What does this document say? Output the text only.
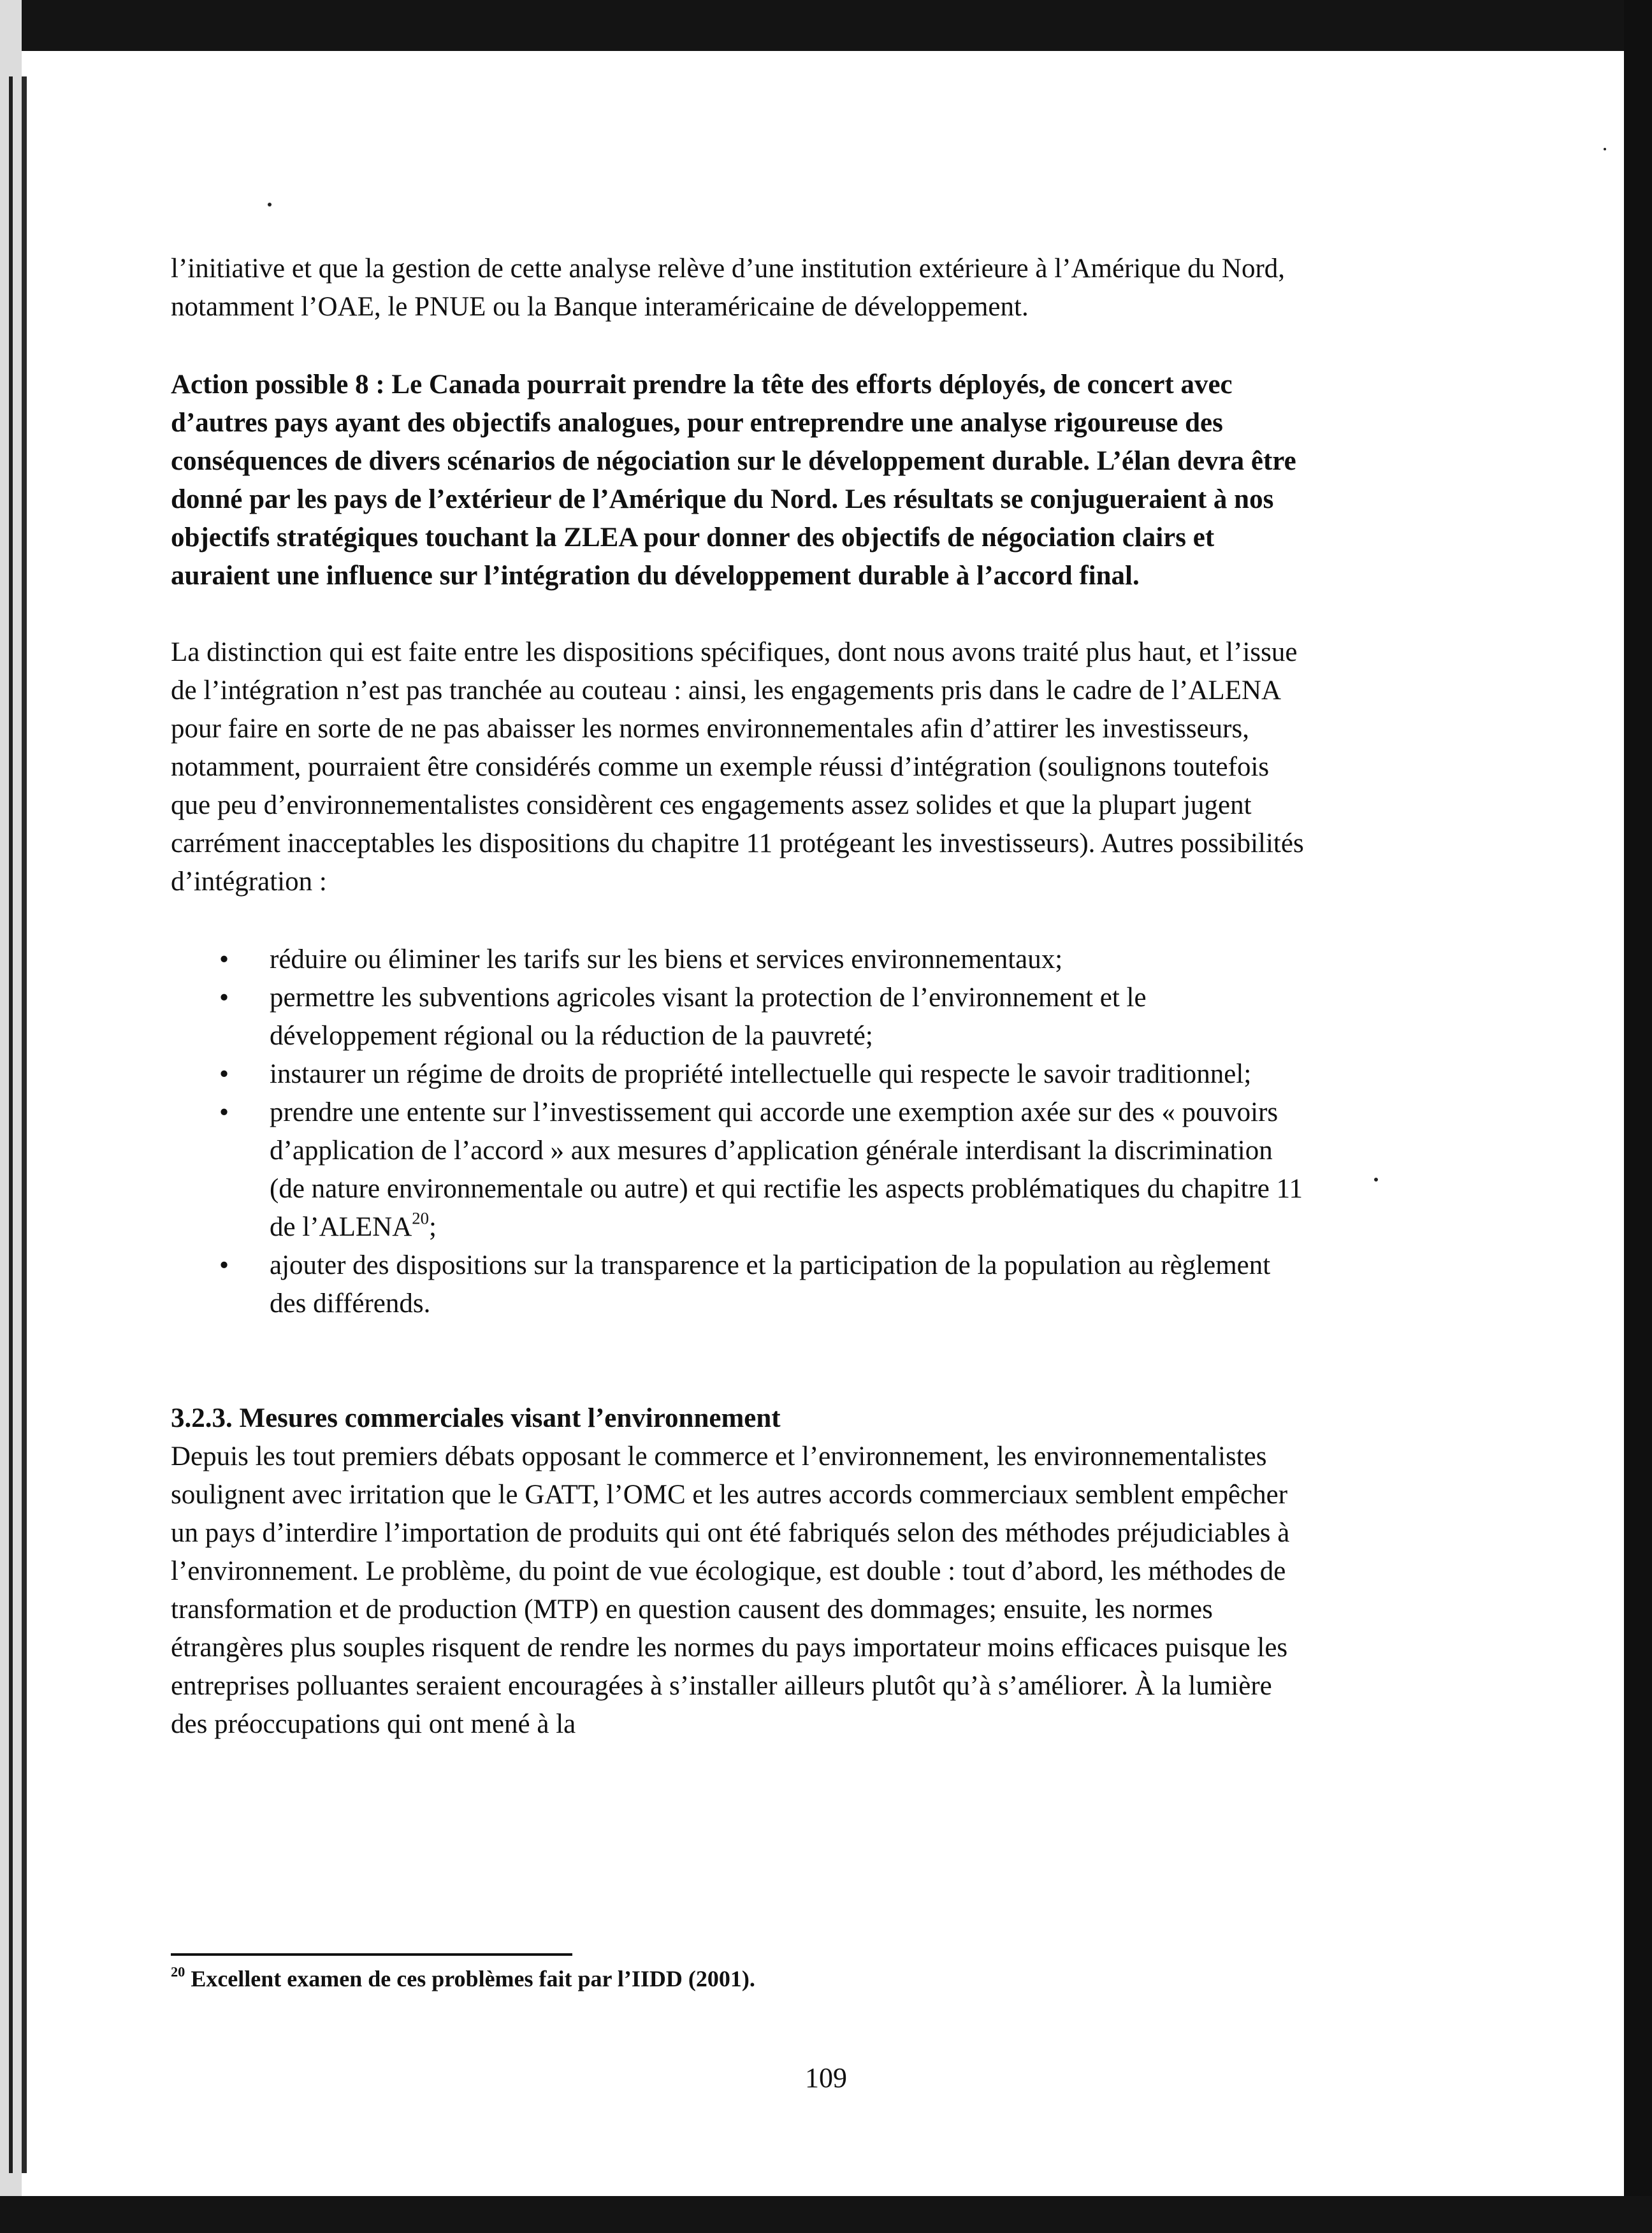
l’initiative et que la gestion de cette analyse relève d’une institution extérieure à l’Amérique du Nord, notamment l’OAE, le PNUE ou la Banque interaméricaine de développement.

Action possible 8 : Le Canada pourrait prendre la tête des efforts déployés, de concert avec d’autres pays ayant des objectifs analogues, pour entreprendre une analyse rigoureuse des conséquences de divers scénarios de négociation sur le développement durable. L’élan devra être donné par les pays de l’extérieur de l’Amérique du Nord. Les résultats se conjugueraient à nos objectifs stratégiques touchant la ZLEA pour donner des objectifs de négociation clairs et auraient une influence sur l’intégration du développement durable à l’accord final.

La distinction qui est faite entre les dispositions spécifiques, dont nous avons traité plus haut, et l’issue de l’intégration n’est pas tranchée au couteau : ainsi, les engagements pris dans le cadre de l’ALENA pour faire en sorte de ne pas abaisser les normes environnementales afin d’attirer les investisseurs, notamment, pourraient être considérés comme un exemple réussi d’intégration (soulignons toutefois que peu d’environnementalistes considèrent ces engagements assez solides et que la plupart jugent carrément inacceptables les dispositions du chapitre 11 protégeant les investisseurs). Autres possibilités d’intégration :

• réduire ou éliminer les tarifs sur les biens et services environnementaux;
• permettre les subventions agricoles visant la protection de l’environnement et le développement régional ou la réduction de la pauvreté;
• instaurer un régime de droits de propriété intellectuelle qui respecte le savoir traditionnel;
• prendre une entente sur l’investissement qui accorde une exemption axée sur des « pouvoirs d’application de l’accord » aux mesures d’application générale interdisant la discrimination (de nature environnementale ou autre) et qui rectifie les aspects problématiques du chapitre 11 de l’ALENA$^{20}$;
• ajouter des dispositions sur la transparence et la participation de la population au règlement des différends.

3.2.3. Mesures commerciales visant l’environnement

Depuis les tout premiers débats opposant le commerce et l’environnement, les environnementalistes soulignent avec irritation que le GATT, l’OMC et les autres accords commerciaux semblent empêcher un pays d’interdire l’importation de produits qui ont été fabriqués selon des méthodes préjudiciables à l’environnement. Le problème, du point de vue écologique, est double : tout d’abord, les méthodes de transformation et de production (MTP) en question causent des dommages; ensuite, les normes étrangères plus souples risquent de rendre les normes du pays importateur moins efficaces puisque les entreprises polluantes seraient encouragées à s’installer ailleurs plutôt qu’à s’améliorer. À la lumière des préoccupations qui ont mené à la

$^{20}$ Excellent examen de ces problèmes fait par l’IIDD (2001).
109
